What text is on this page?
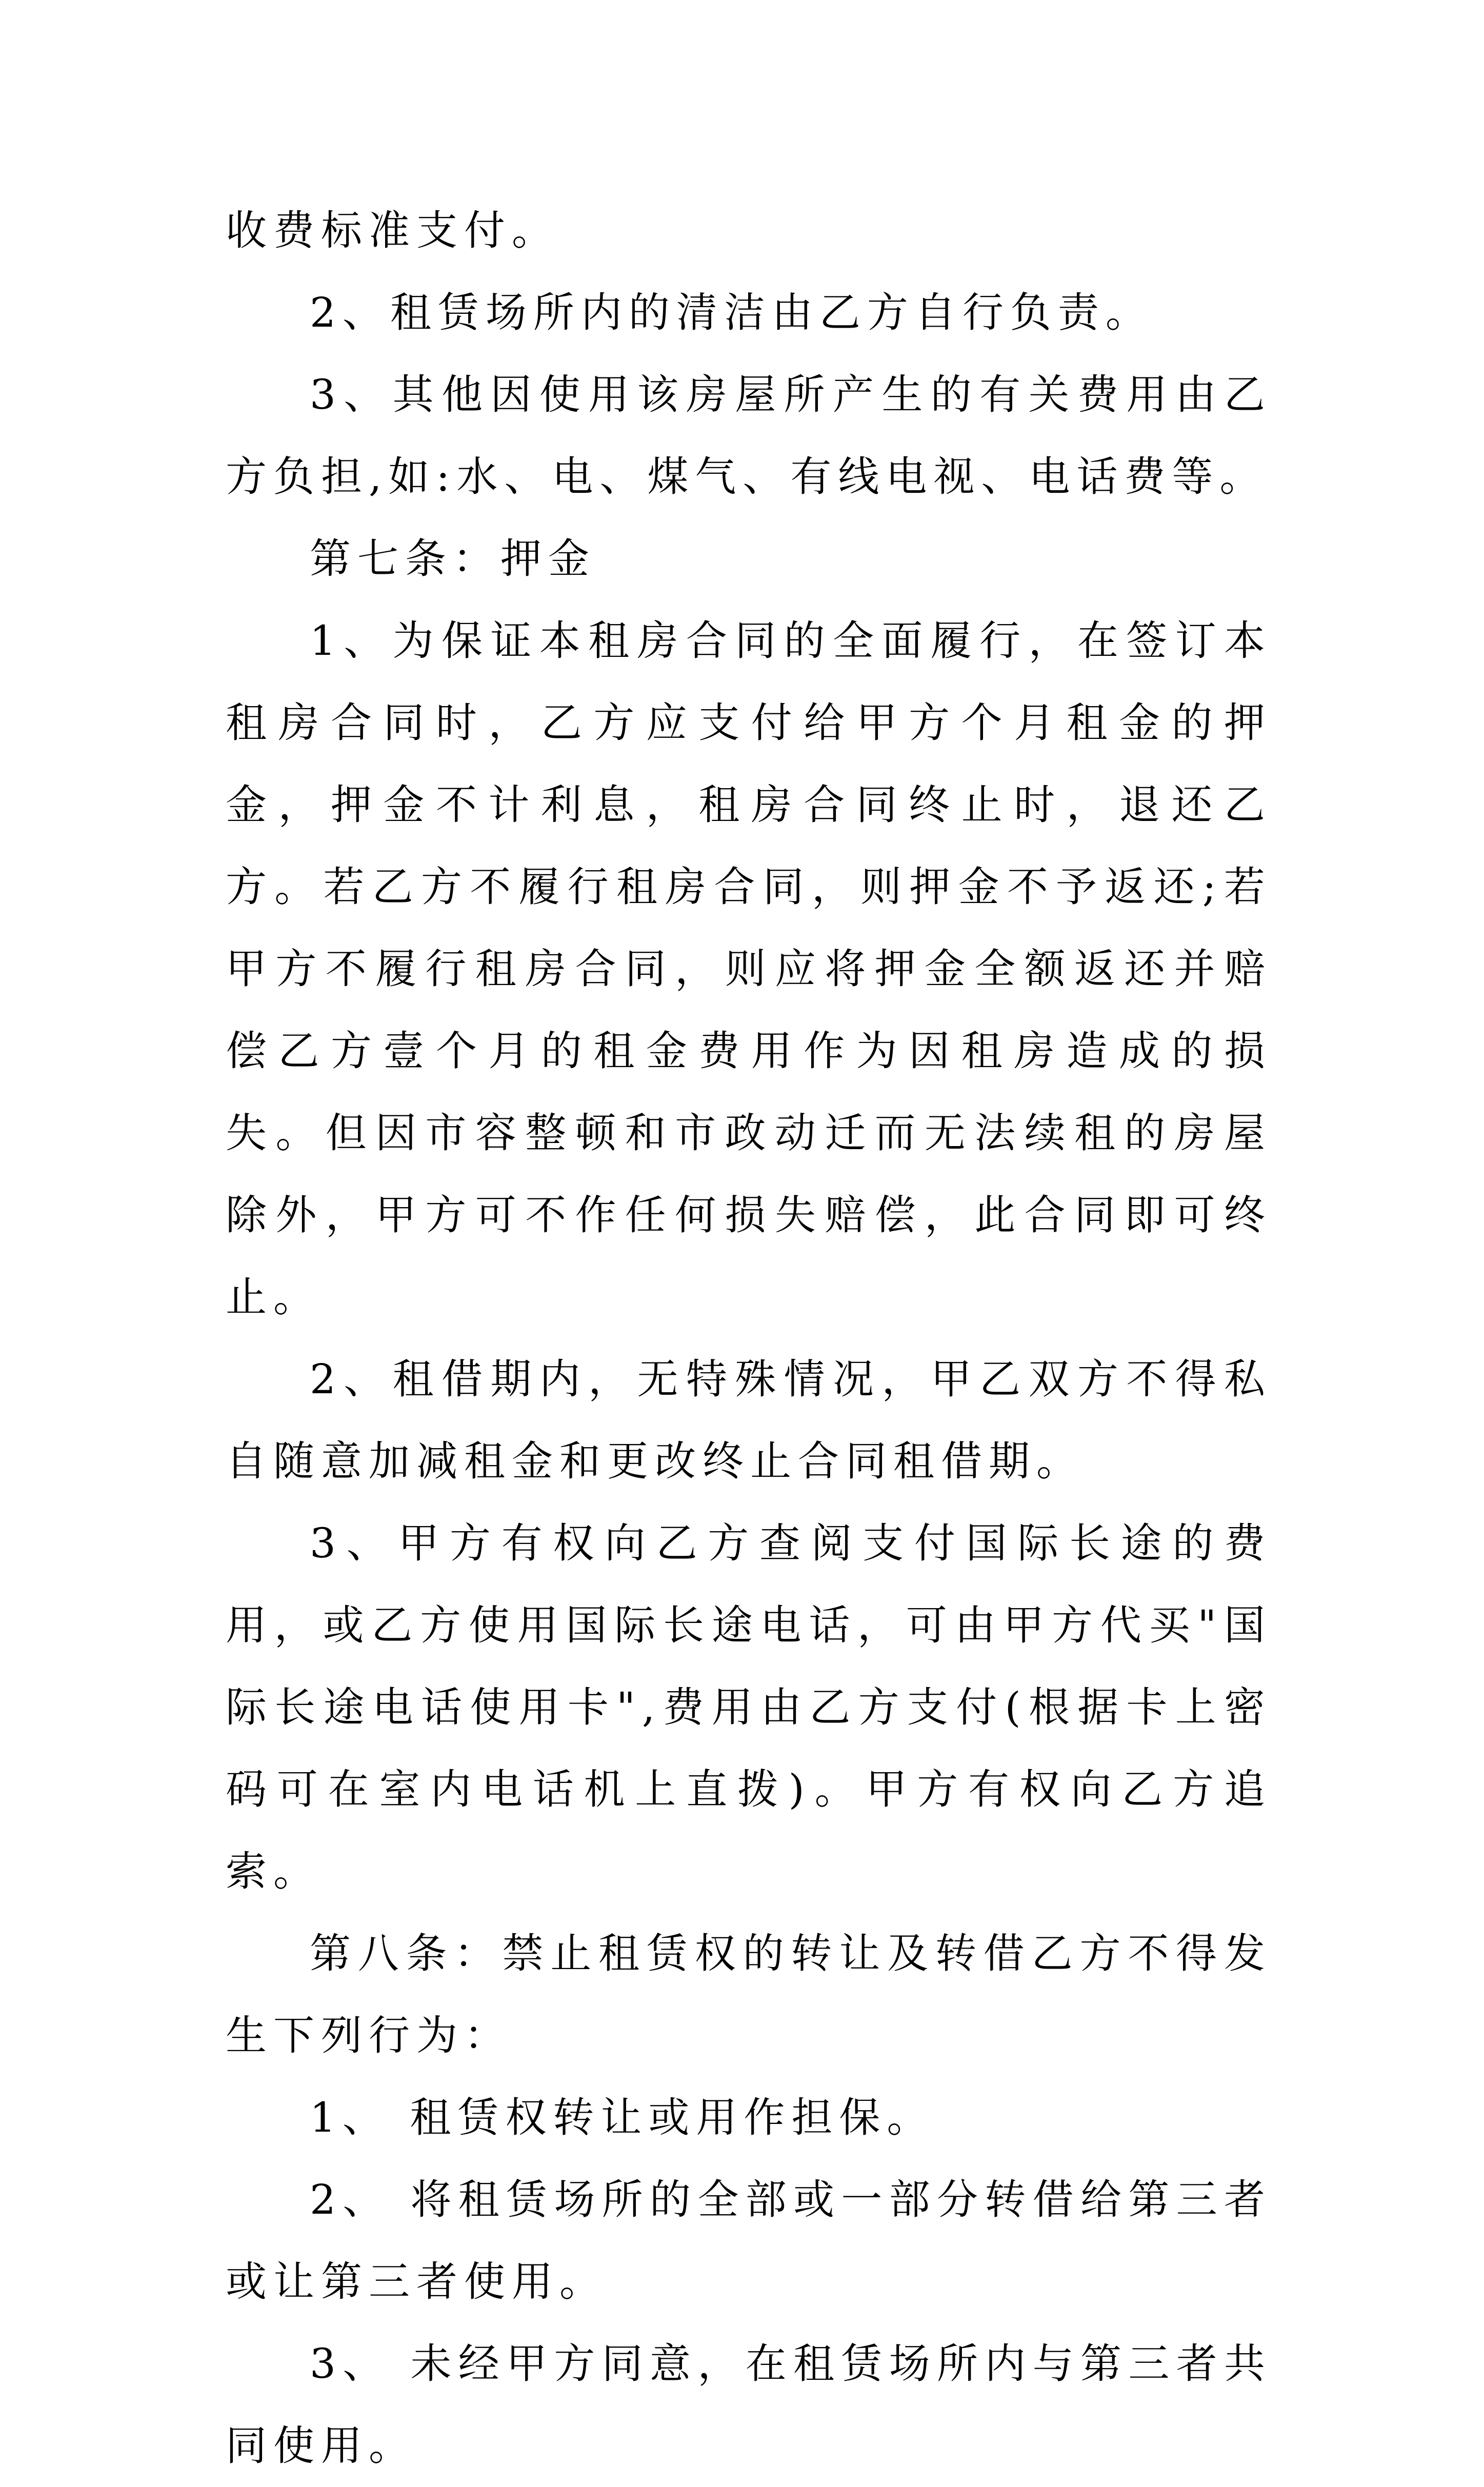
收费标准支付。

2、租赁场所内的清洁由乙方自行负责。

3、其他因使用该房屋所产生的有关费用由乙方负担,如:水、电、煤气、有线电视、电话费等。

第七条：押金

1、为保证本租房合同的全面履行，在签订本租房合同时，乙方应支付给甲方个月租金的押金，押金不计利息，租房合同终止时，退还乙方。若乙方不履行租房合同，则押金不予返还;若甲方不履行租房合同，则应将押金全额返还并赔偿乙方壹个月的租金费用作为因租房造成的损失。但因市容整顿和市政动迁而无法续租的房屋除外，甲方可不作任何损失赔偿，此合同即可终止。

2、租借期内，无特殊情况，甲乙双方不得私自随意加减租金和更改终止合同租借期。

3、甲方有权向乙方查阅支付国际长途的费用，或乙方使用国际长途电话，可由甲方代买"国际长途电话使用卡",费用由乙方支付(根据卡上密码可在室内电话机上直拨)。甲方有权向乙方追索。

第八条：禁止租赁权的转让及转借乙方不得发生下列行为：

1、 租赁权转让或用作担保。

2、 将租赁场所的全部或一部分转借给第三者或让第三者使用。

3、 未经甲方同意，在租赁场所内与第三者共同使用。
